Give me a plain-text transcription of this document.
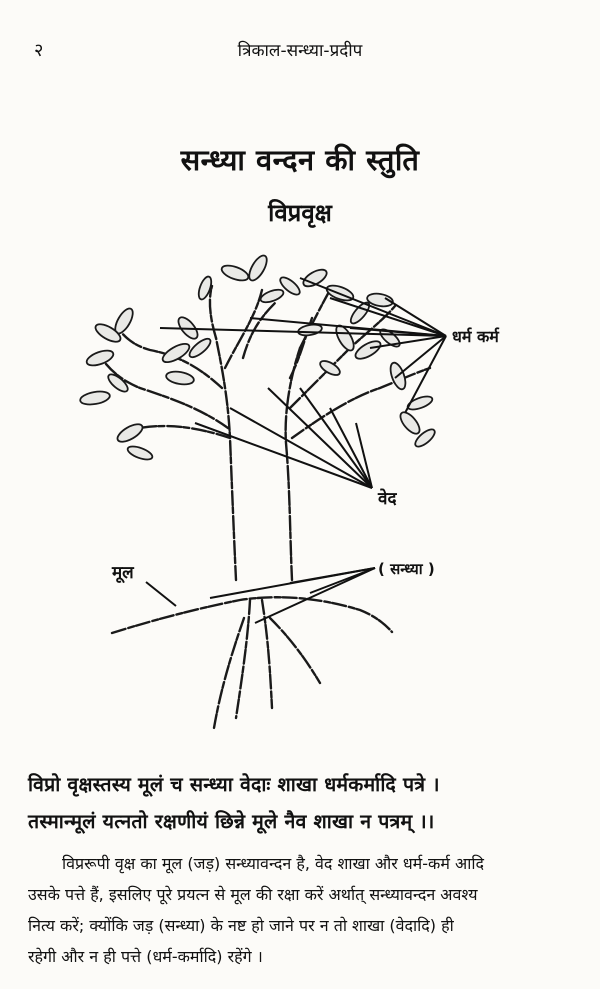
२	त्रिकाल-सन्ध्या-प्रदीप
सन्ध्या वन्दन की स्तुति
विप्रवृक्ष
धर्म कर्म
वेद
मूल	( सन्ध्या )
विप्रो वृक्षस्तस्य मूलं च सन्ध्या वेदाः शाखा धर्मकर्मादि पत्रे ।
तस्मान्मूलं यत्नतो रक्षणीयं छिन्ने मूले नैव शाखा न पत्रम् ।।
विप्ररूपी वृक्ष का मूल (जड़) सन्ध्यावन्दन है, वेद शाखा और धर्म-कर्म आदि
उसके पत्ते हैं, इसलिए पूरे प्रयत्न से मूल की रक्षा करें अर्थात् सन्ध्यावन्दन अवश्य
नित्य करें; क्योंकि जड़ (सन्ध्या) के नष्ट हो जाने पर न तो शाखा (वेदादि) ही
रहेगी और न ही पत्ते (धर्म-कर्मादि) रहेंगे ।
